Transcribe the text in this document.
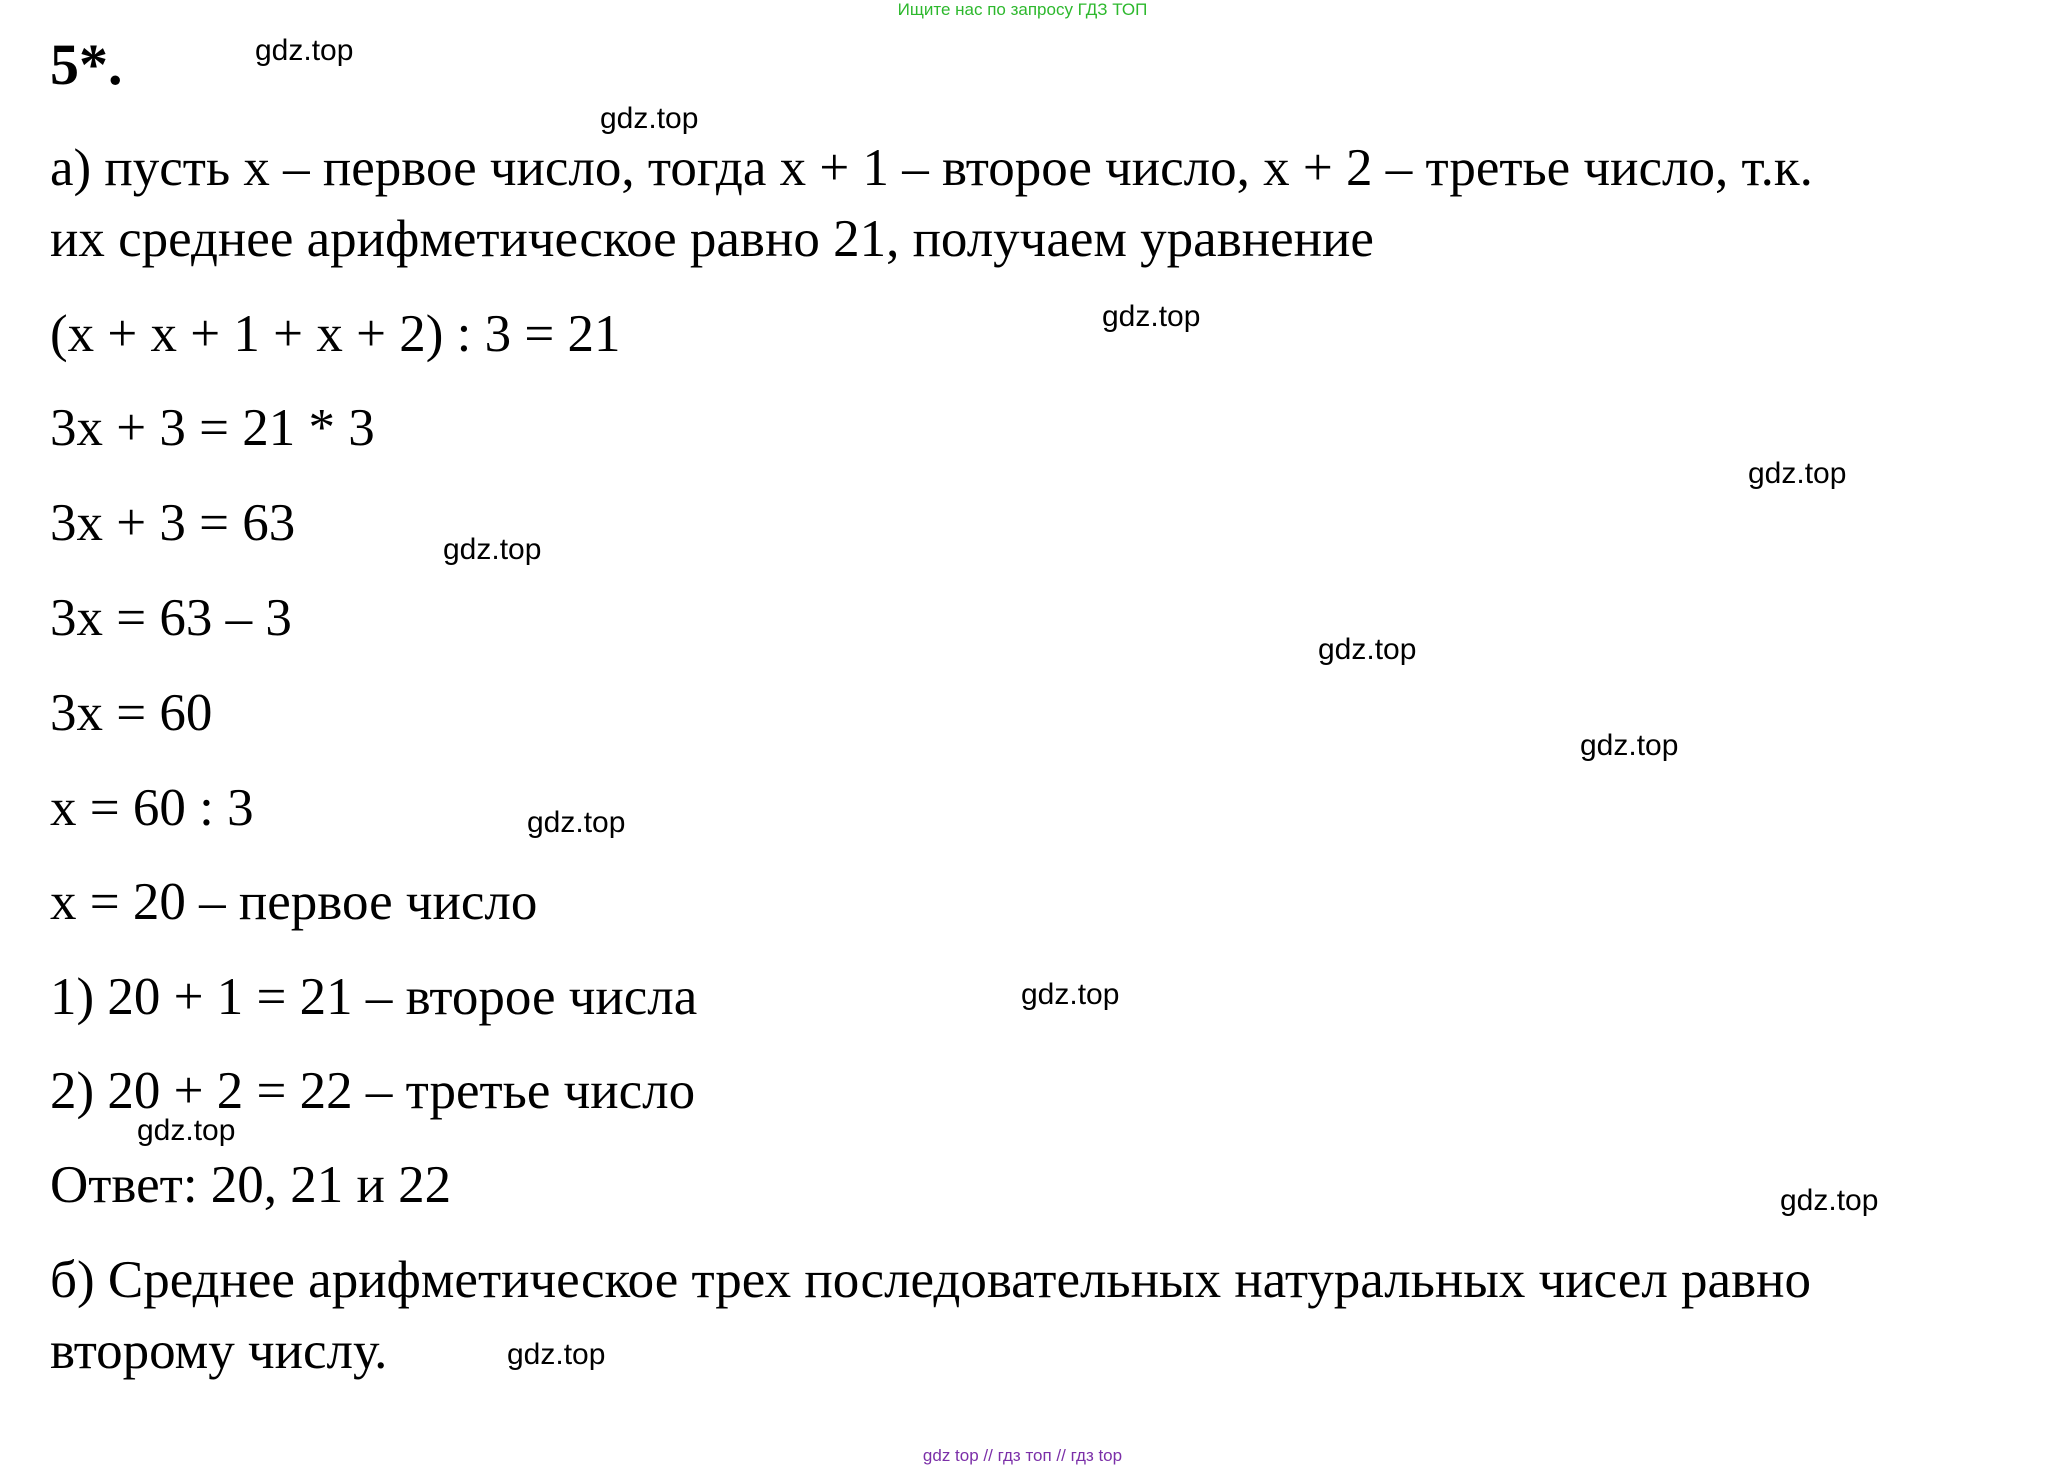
Ищите нас по запросу ГДЗ ТОП
5*.

а) пусть х – первое число, тогда х + 1 – второе число, х + 2 – третье число, т.к.

их среднее арифметическое равно 21, получаем уравнение

(х + х + 1 + х + 2) : 3 = 21

3х + 3 = 21 * 3

3х + 3 = 63

3х = 63 – 3

3х = 60

х = 60 : 3

х = 20 – первое число

1) 20 + 1 = 21 – второе числа

2) 20 + 2 = 22 – третье число

Ответ: 20, 21 и 22

б) Среднее арифметическое трех последовательных натуральных чисел равно

второму числу.

gdz.top
gdz.top
gdz.top
gdz.top
gdz.top
gdz.top
gdz.top
gdz.top
gdz.top
gdz.top
gdz.top
gdz.top
gdz top // гдз топ // гдз top
